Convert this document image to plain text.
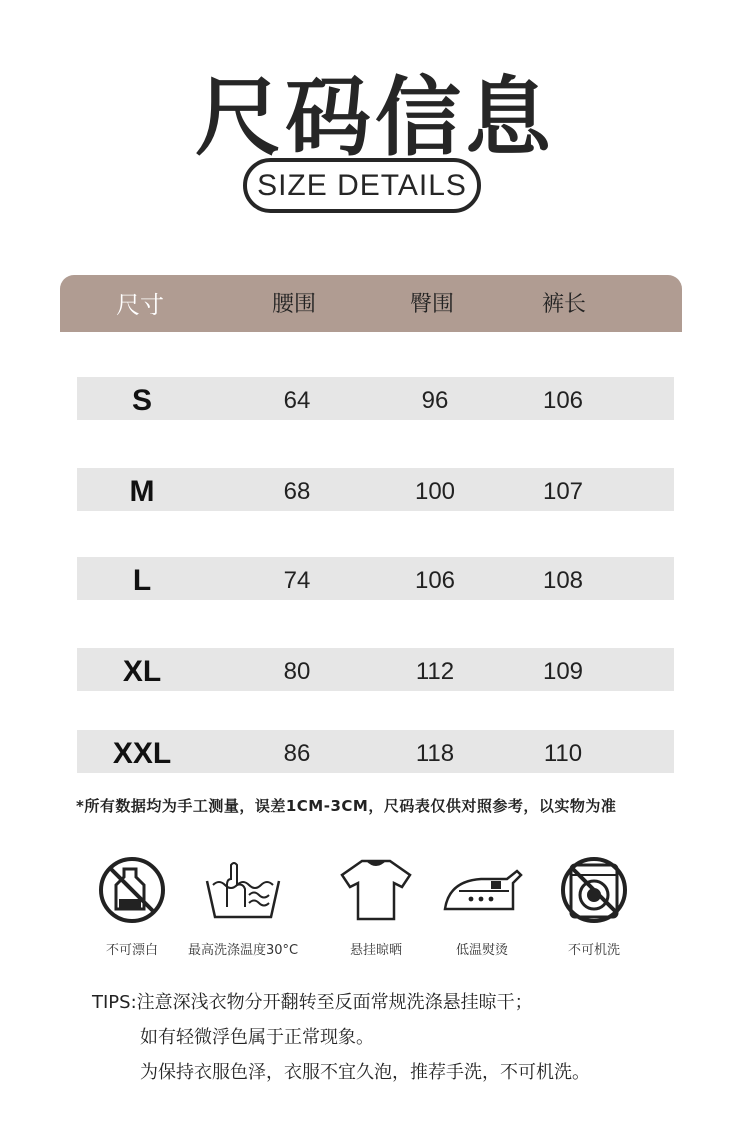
尺码信息
SIZE DETAILS
尺寸	腰围	臀围	裤长
S	64	96	106
M	68	100	107
L	74	106	108
XL	80	112	109
XXL	86	118	110
*所有数据均为手工测量，误差1CM-3CM，尺码表仅供对照参考，以实物为准
不可漂白	最高洗涤温度30°C	悬挂晾晒	低温熨烫	不可机洗
TIPS:注意深浅衣物分开翻转至反面常规洗涤悬挂晾干；
如有轻微浮色属于正常现象。
为保持衣服色泽，衣服不宜久泡，推荐手洗，不可机洗。
